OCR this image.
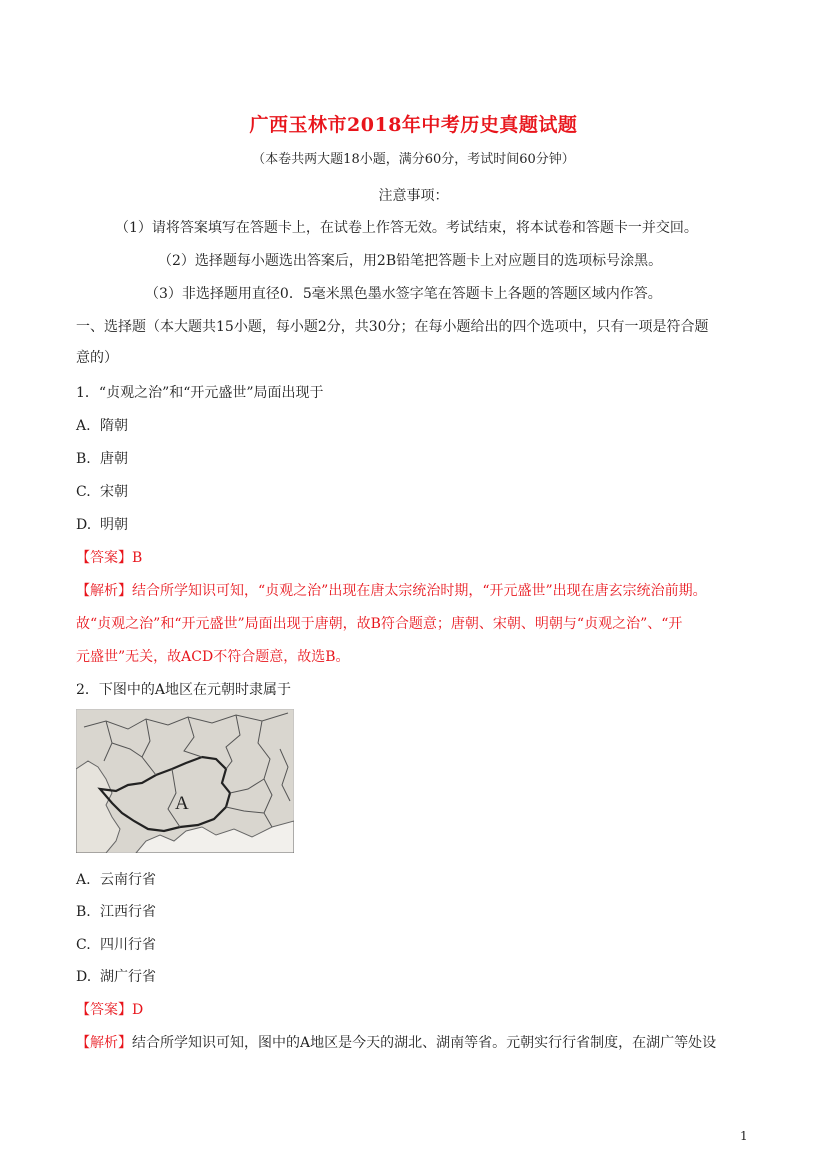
广西玉林市2018年中考历史真题试题
（本卷共两大题18小题，满分60分，考试时间60分钟）
注意事项：
（1）请将答案填写在答题卡上，在试卷上作答无效。考试结束，将本试卷和答题卡一并交回。
（2）选择题每小题选出答案后，用2B铅笔把答题卡上对应题目的选项标号涂黑。
（3）非选择题用直径0．5毫米黑色墨水签字笔在答题卡上各题的答题区域内作答。
一、选择题（本大题共15小题，每小题2分，共30分；在每小题给出的四个选项中，只有一项是符合题
意的）
1．“贞观之治”和“开元盛世”局面出现于
A. 隋朝
B. 唐朝
C. 宋朝
D. 明朝
【答案】B
【解析】结合所学知识可知，“贞观之治”出现在唐太宗统治时期，“开元盛世”出现在唐玄宗统治前期。
故“贞观之治”和“开元盛世”局面出现于唐朝，故B符合题意；唐朝、宋朝、明朝与“贞观之治”、“开
元盛世”无关，故ACD不符合题意，故选B。
2．下图中的A地区在元朝时隶属于
A
A. 云南行省
B. 江西行省
C. 四川行省
D. 湖广行省
【答案】D
【解析】结合所学知识可知，图中的A地区是今天的湖北、湖南等省。元朝实行行省制度，在湖广等处设
1
